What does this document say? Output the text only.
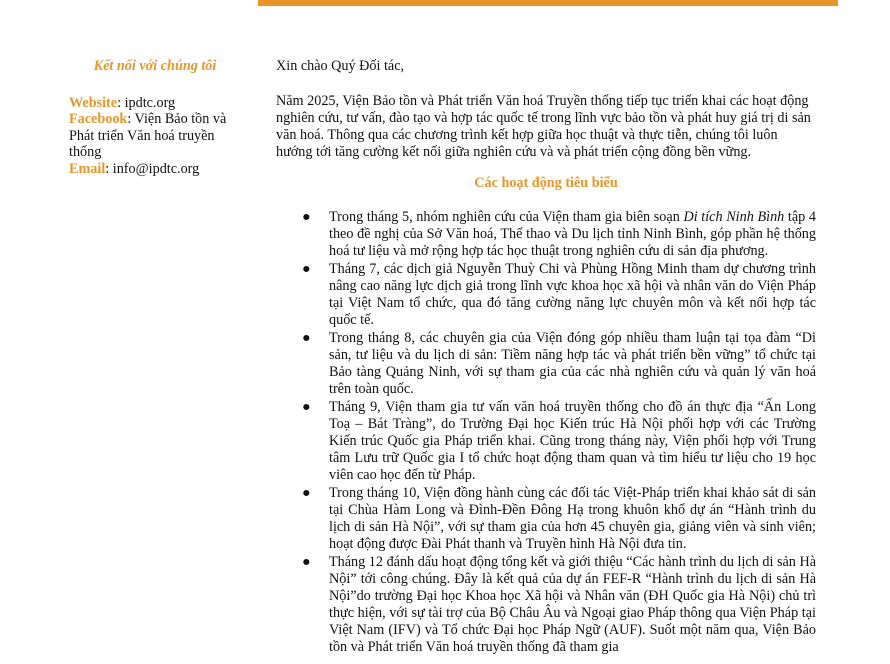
Kết nối với chúng tôi

Website: ipdtc.org

Facebook: Viện Bảo tồn và Phát triển Văn hoá truyền thống

Email: info@ipdtc.org

Xin chào Quý Đối tác,

Năm 2025, Viện Bảo tồn và Phát triển Văn hoá Truyền thống tiếp tục triển khai các hoạt động nghiên cứu, tư vấn, đào tạo và hợp tác quốc tế trong lĩnh vực bảo tồn và phát huy giá trị di sản văn hoá. Thông qua các chương trình kết hợp giữa học thuật và thực tiễn, chúng tôi luôn hướng tới tăng cường kết nối giữa nghiên cứu và và phát triển cộng đồng bền vững.

Các hoạt động tiêu biểu

● Trong tháng 5, nhóm nghiên cứu của Viện tham gia biên soạn Di tích Ninh Bình tập 4 theo đề nghị của Sở Văn hoá, Thể thao và Du lịch tỉnh Ninh Bình, góp phần hệ thống hoá tư liệu và mở rộng hợp tác học thuật trong nghiên cứu di sản địa phương.
● Tháng 7, các dịch giả Nguyễn Thuỳ Chi và Phùng Hồng Minh tham dự chương trình nâng cao năng lực dịch giả trong lĩnh vực khoa học xã hội và nhân văn do Viện Pháp tại Việt Nam tổ chức, qua đó tăng cường năng lực chuyên môn và kết nối hợp tác quốc tế.
● Trong tháng 8, các chuyên gia của Viện đóng góp nhiều tham luận tại tọa đàm “Di sản, tư liệu và du lịch di sản: Tiềm năng hợp tác và phát triển bền vững” tổ chức tại Bảo tàng Quảng Ninh, với sự tham gia của các nhà nghiên cứu và quản lý văn hoá trên toàn quốc.
● Tháng 9, Viện tham gia tư vấn văn hoá truyền thống cho đồ án thực địa “Ấn Long Toạ – Bát Tràng”, do Trường Đại học Kiến trúc Hà Nội phối hợp với các Trường Kiến trúc Quốc gia Pháp triển khai. Cũng trong tháng này, Viện phối hợp với Trung tâm Lưu trữ Quốc gia I tổ chức hoạt động tham quan và tìm hiểu tư liệu cho 19 học viên cao học đến từ Pháp.
● Trong tháng 10, Viện đồng hành cùng các đối tác Việt-Pháp triển khai khảo sát di sản tại Chùa Hàm Long và Đình-Đền Đông Hạ trong khuôn khổ dự án “Hành trình du lịch di sản Hà Nội”, với sự tham gia của hơn 45 chuyên gia, giảng viên và sinh viên; hoạt động được Đài Phát thanh và Truyền hình Hà Nội đưa tin.
● Tháng 12 đánh dấu hoạt động tổng kết và giới thiệu “Các hành trình du lịch di sản Hà Nội” tới công chúng. Đây là kết quả của dự án FEF-R “Hành trình du lịch di sản Hà Nội”do trường Đại học Khoa học Xã hội và Nhân văn (ĐH Quốc gia Hà Nội) chủ trì thực hiện, với sự tài trợ của Bộ Châu Âu và Ngoại giao Pháp thông qua Viện Pháp tại Việt Nam (IFV) và Tổ chức Đại học Pháp Ngữ (AUF). Suốt một năm qua, Viện Bảo tồn và Phát triển Văn hoá truyền thống đã tham gia
